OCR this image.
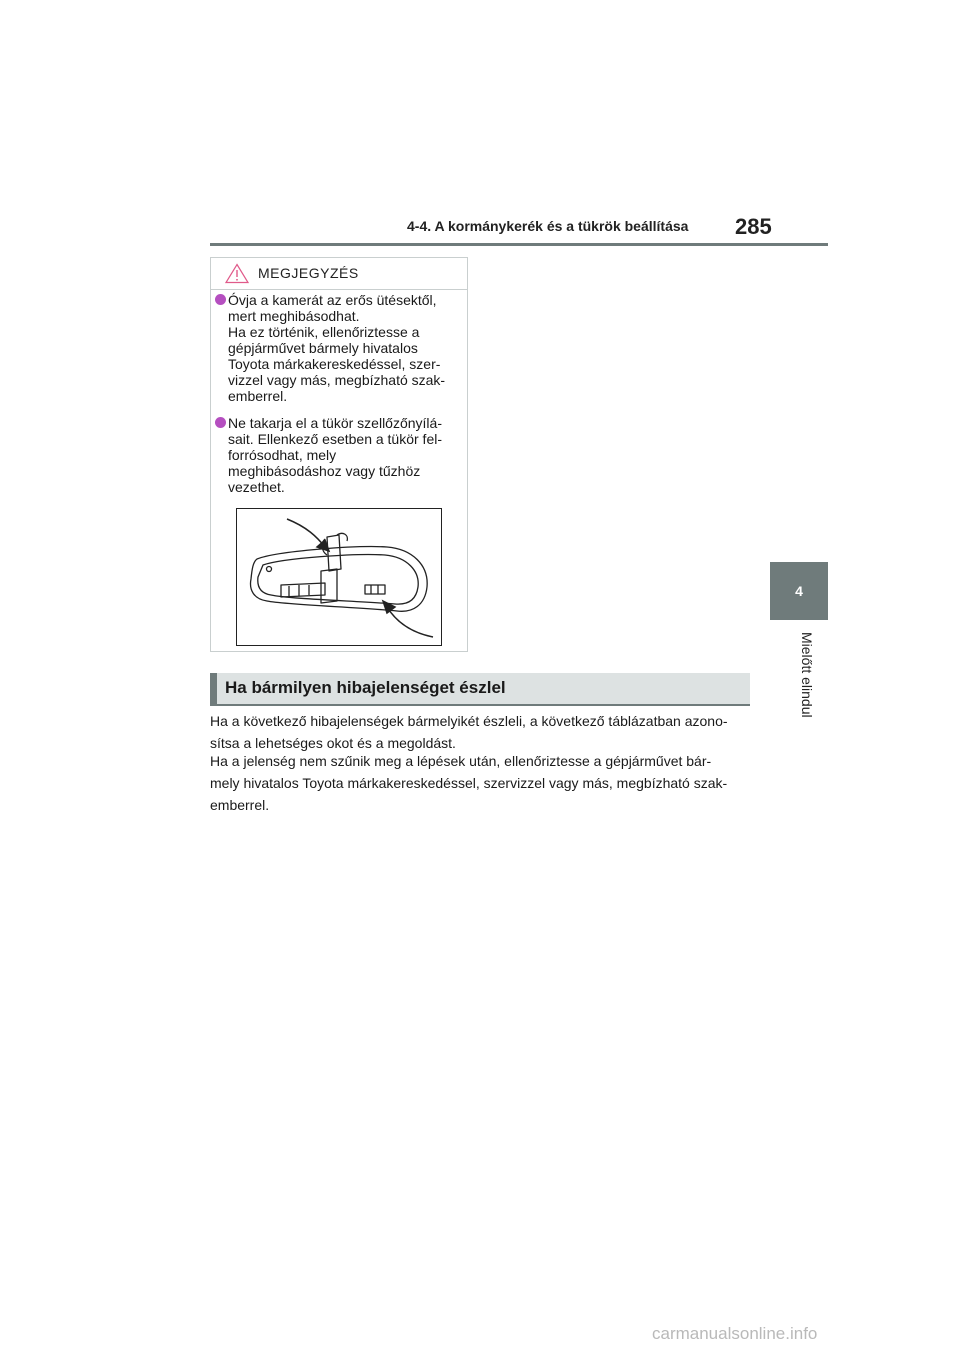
4-4. A kormánykerék és a tükrök beállítása 285
4
Mielőtt elindul
MEGJEGYZÉS
Óvja a kamerát az erős ütésektől,
mert meghibásodhat.
Ha ez történik, ellenőriztesse a
gépjárművet bármely hivatalos
Toyota márkakereskedéssel, szer-
vizzel vagy más, megbízható szak-
emberrel.
Ne takarja el a tükör szellőzőnyílá-
sait. Ellenkező esetben a tükör fel-
forrósodhat, mely
meghibásodáshoz vagy tűzhöz
vezethet.
Ha bármilyen hibajelenséget észlel
Ha a következő hibajelenségek bármelyikét észleli, a következő táblázatban azono-
sítsa a lehetséges okot és a megoldást.
Ha a jelenség nem szűnik meg a lépések után, ellenőriztesse a gépjárművet bár-
mely hivatalos Toyota márkakereskedéssel, szervizzel vagy más, megbízható szak-
emberrel.
carmanualsonline.info
